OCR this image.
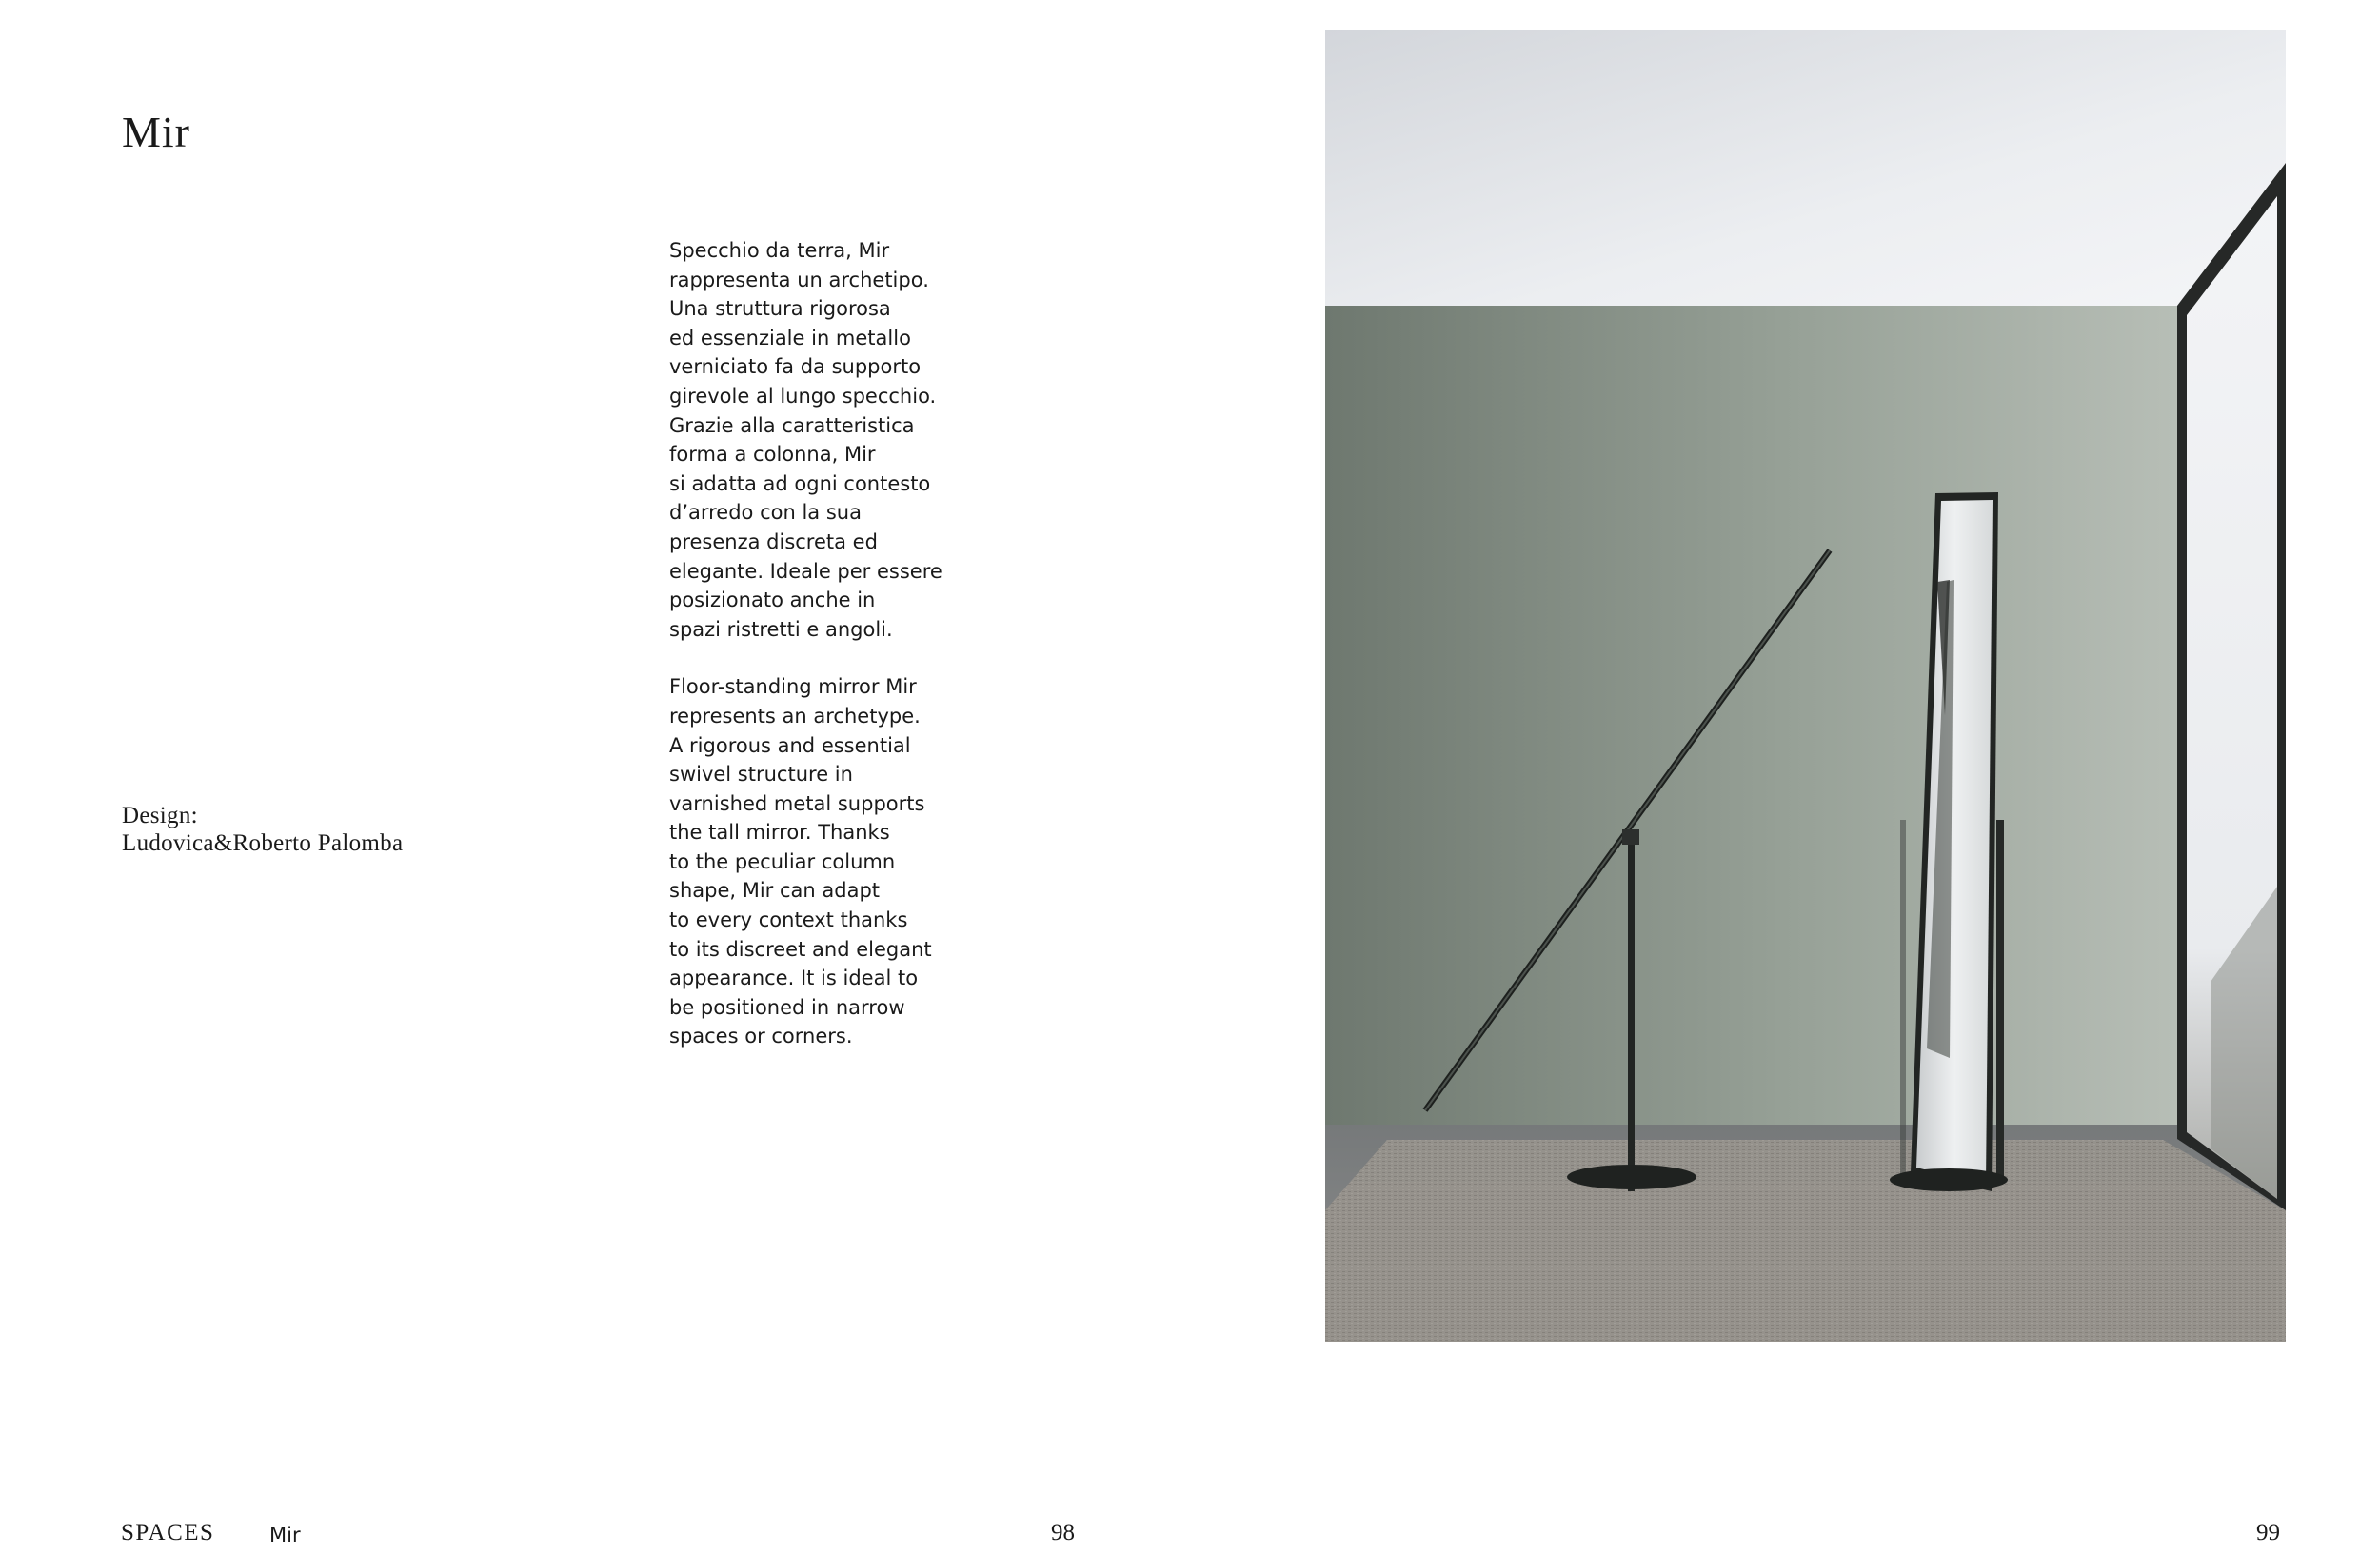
Mir

Specchio da terra, Mir
rappresenta un archetipo.
Una struttura rigorosa
ed essenziale in metallo
verniciato fa da supporto
girevole al lungo specchio.
Grazie alla caratteristica
forma a colonna, Mir
si adatta ad ogni contesto
d’arredo con la sua
presenza discreta ed
elegante. Ideale per essere
posizionato anche in
spazi ristretti e angoli.

Floor-standing mirror Mir
represents an archetype.
A rigorous and essential
swivel structure in
varnished metal supports
the tall mirror. Thanks
to the peculiar column
shape, Mir can adapt
to every context thanks
to its discreet and elegant
appearance. It is ideal to
be positioned in narrow
spaces or corners.

Design:
Ludovica&Roberto Palomba
SPACES	Mir	98	99
